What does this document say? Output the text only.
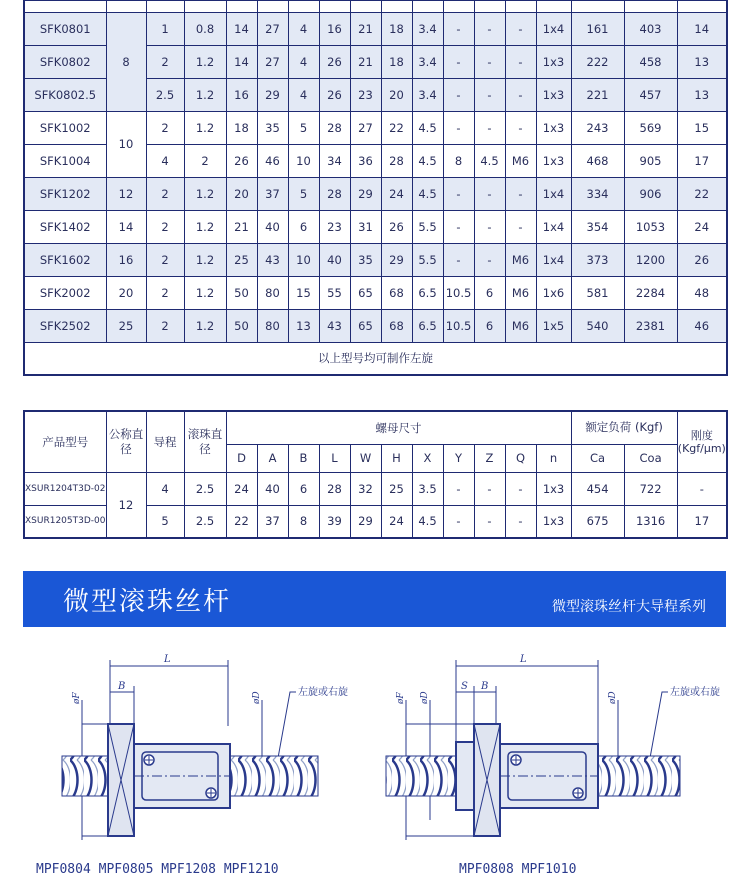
SFK0801	8	1	0.8	14	27	4	16	21	18	3.4	-	-	-	1x4	161	403	14
SFK0802		2	1.2	14	27	4	26	21	18	3.4	-	-	-	1x3	222	458	13
SFK0802.5		2.5	1.2	16	29	4	26	23	20	3.4	-	-	-	1x3	221	457	13
SFK1002	10	2	1.2	18	35	5	28	27	22	4.5	-	-	-	1x3	243	569	15
SFK1004		4	2	26	46	10	34	36	28	4.5	8	4.5	M6	1x3	468	905	17
SFK1202	12	2	1.2	20	37	5	28	29	24	4.5	-	-	-	1x4	334	906	22
SFK1402	14	2	1.2	21	40	6	23	31	26	5.5	-	-	-	1x4	354	1053	24
SFK1602	16	2	1.2	25	43	10	40	35	29	5.5	-	-	M6	1x4	373	1200	26
SFK2002	20	2	1.2	50	80	15	55	65	68	6.5	10.5	6	M6	1x6	581	2284	48
SFK2502	25	2	1.2	50	80	13	43	65	68	6.5	10.5	6	M6	1x5	540	2381	46
以上型号均可制作左旋																	
产品型号	公称直径	导程	滚珠直径	螺母尺寸											额定负荷 (Kgf)		刚度 (Kgf/μm)
				D	A	B	L	W	H	X	Y	Z	Q	n	Ca	Coa	
XSUR1204T3D-02	12	4	2.5	24	40	6	28	32	25	3.5	-	-	-	1x3	454	722	-
XSUR1205T3D-00		5	2.5	22	37	8	39	29	24	4.5	-	-	-	1x3	675	1316	17
微型滚珠丝杆	微型滚珠丝杆大导程系列
L
B
øF	øD	左旋或右旋
L
S B
øF øD	øD	左旋或右旋
MPF0804 MPF0805 MPF1208 MPF1210	MPF0808 MPF1010
